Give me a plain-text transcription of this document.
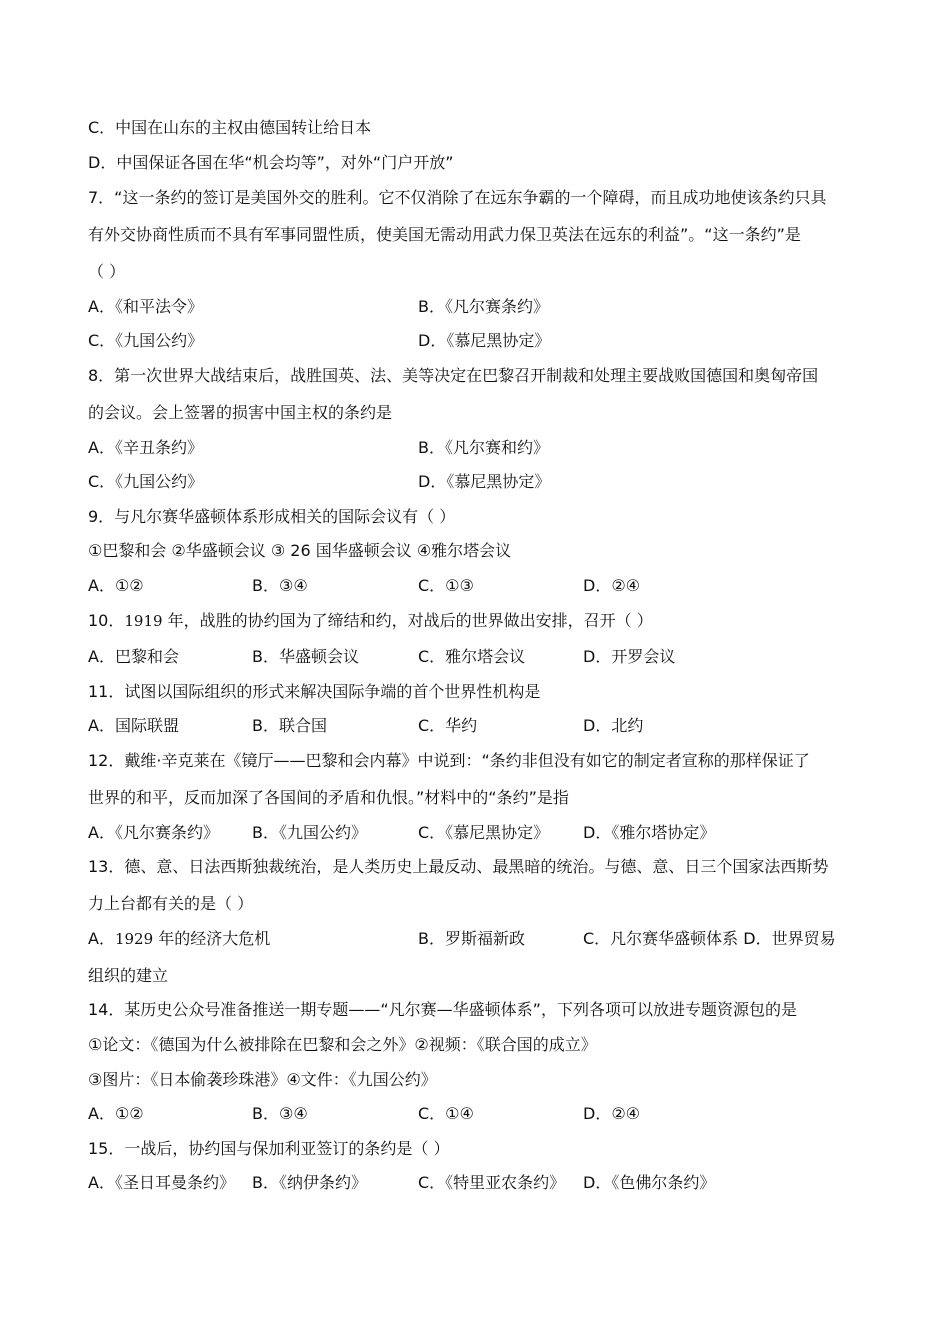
C．中国在山东的主权由德国转让给日本
D．中国保证各国在华“机会均等”，对外“门户开放”
7．“这一条约的签订是美国外交的胜利。它不仅消除了在远东争霸的一个障碍，而且成功地使该条约只具
有外交协商性质而不具有军事同盟性质，使美国无需动用武力保卫英法在远东的利益”。“这一条约”是
（ ）
A．《和平法令》	B．《凡尔赛条约》
C．《九国公约》	D．《慕尼黑协定》
8．第一次世界大战结束后，战胜国英、法、美等决定在巴黎召开制裁和处理主要战败国德国和奥匈帝国
的会议。会上签署的损害中国主权的条约是
A．《辛丑条约》	B．《凡尔赛和约》
C．《九国公约》	D．《慕尼黑协定》
9．与凡尔赛华盛顿体系形成相关的国际会议有（ ）
①巴黎和会 ②华盛顿会议 ③ 26 国华盛顿会议 ④雅尔塔会议
A．①②	B．③④	C．①③	D．②④
10．1919 年，战胜的协约国为了缔结和约，对战后的世界做出安排，召开（ ）
A．巴黎和会	B．华盛顿会议	C．雅尔塔会议	D．开罗会议
11．试图以国际组织的形式来解决国际争端的首个世界性机构是
A．国际联盟	B．联合国	C．华约	D．北约
12．戴维·辛克莱在《镜厅——巴黎和会内幕》中说到：“条约非但没有如它的制定者宣称的那样保证了
世界的和平，反而加深了各国间的矛盾和仇恨。”材料中的“条约”是指
A．《凡尔赛条约》 B．《九国公约》	C．《慕尼黑协定》 D．《雅尔塔协定》
13．德、意、日法西斯独裁统治，是人类历史上最反动、最黑暗的统治。与德、意、日三个国家法西斯势
力上台都有关的是（ ）
A．1929 年的经济大危机	B．罗斯福新政	C．凡尔赛华盛顿体系 D．世界贸易
组织的建立
14．某历史公众号准备推送一期专题——“凡尔赛—华盛顿体系”，下列各项可以放进专题资源包的是
①论文：《德国为什么被排除在巴黎和会之外》②视频：《联合国的成立》
③图片：《日本偷袭珍珠港》④文件：《九国公约》
A．①②	B．③④	C．①④	D．②④
15．一战后，协约国与保加利亚签订的条约是（ ）
A．《圣日耳曼条约》 B．《纳伊条约》	C．《特里亚农条约》 D．《色佛尔条约》
